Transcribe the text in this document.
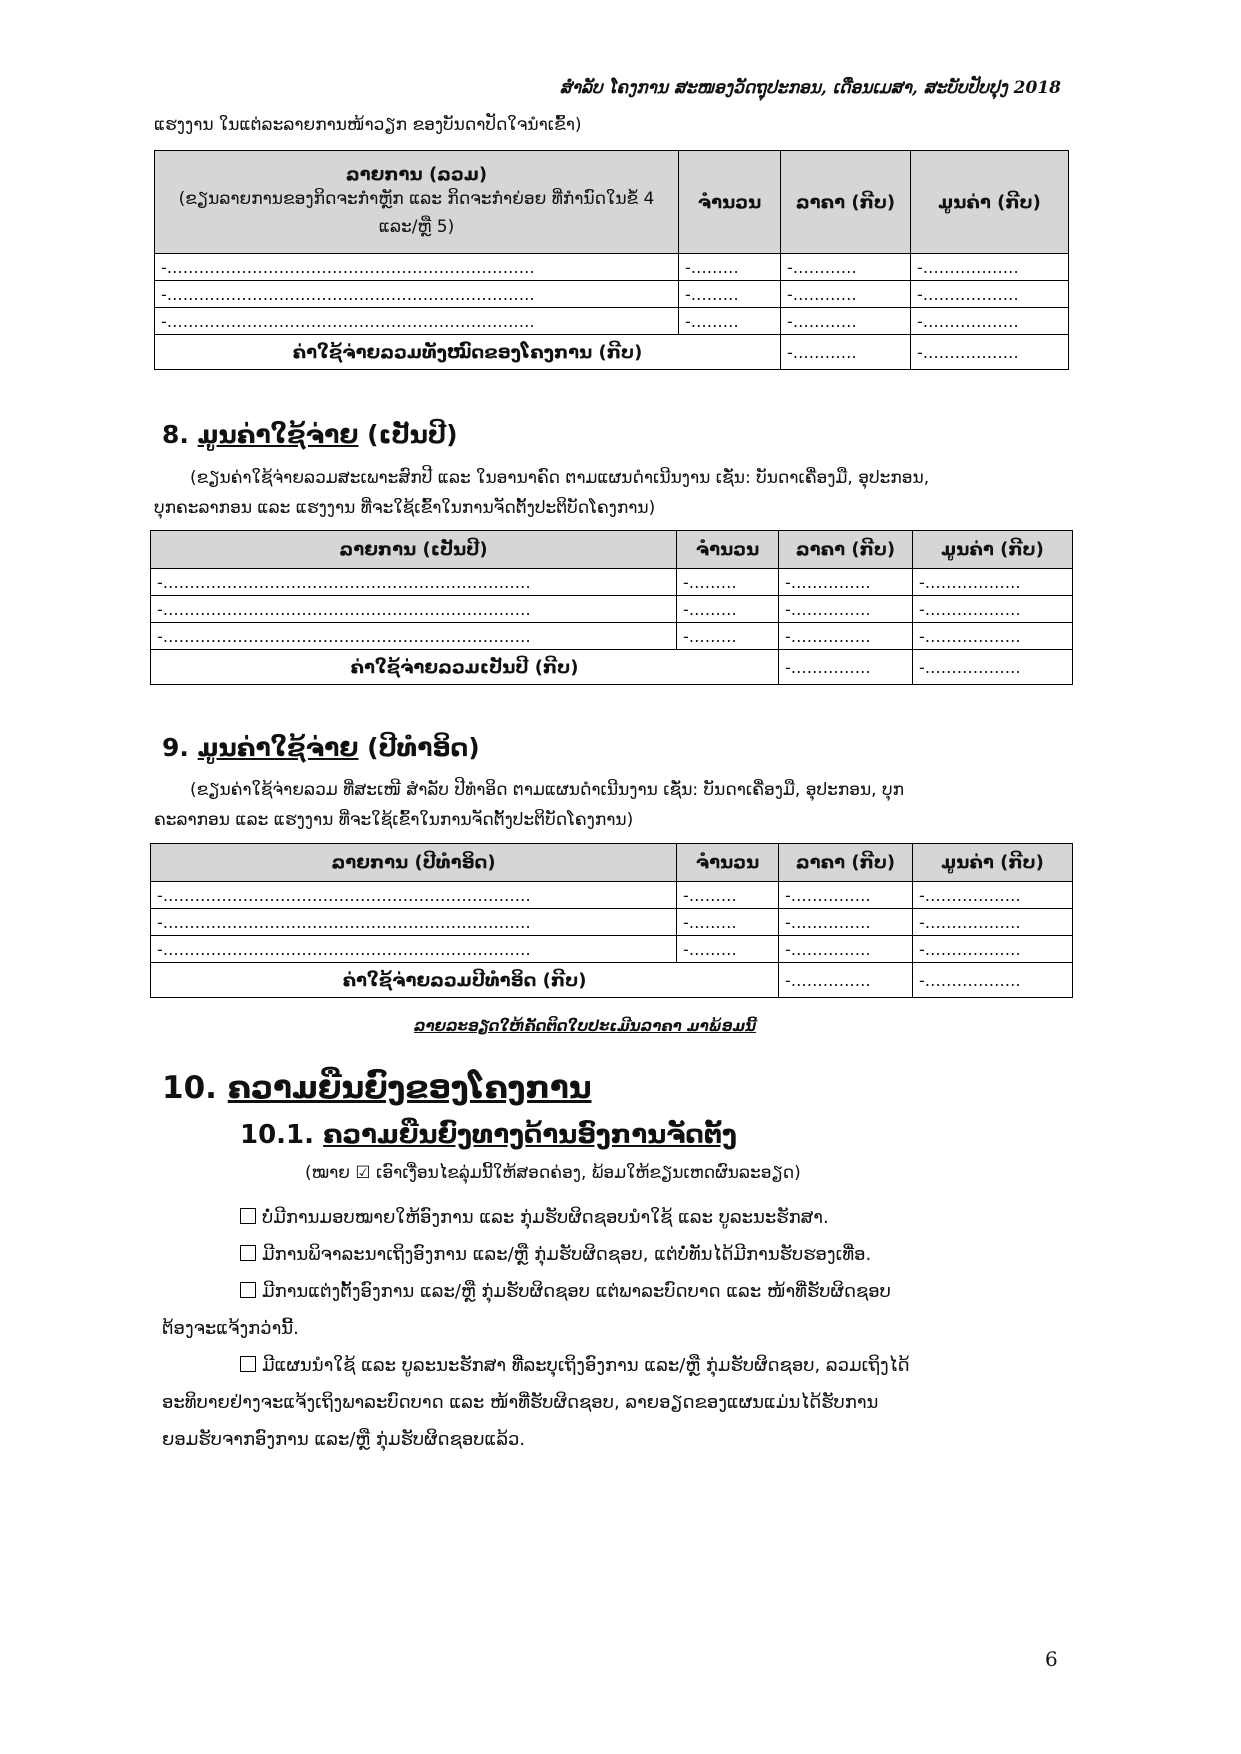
ສໍາລັບ ໂຄງການ ສະໜອງວັດຖຸປະກອນ, ເດືອນເມສາ, ສະບັບປັບປຸງ 2018
ແຮງງານ ໃນແຕ່ລະລາຍການໜ້າວຽກ ຂອງບັນດາປັດໃຈນໍາເຂົ້າ)
ລາຍການ (ລວມ)
(ຂຽນລາຍການຂອງກິດຈະກໍາຫຼັກ ແລະ ກິດຈະກໍາຍ່ອຍ ທີ່ກໍານົດໃນຂໍ້ 4 ແລະ/ຫຼື 5)	ຈໍານວນ	ລາຄາ (ກີບ)	ມູນຄ່າ (ກີບ)
-……………………………………………………………	-………	-…………	-………………
-……………………………………………………………	-………	-…………	-………………
-……………………………………………………………	-………	-…………	-………………
ຄ່າໃຊ້ຈ່າຍລວມທັງໝົດຂອງໂຄງການ (ກີບ)		-…………	-………………
8. ມູນຄ່າໃຊ້ຈ່າຍ (ເປັນປີ)
(ຂຽນຄ່າໃຊ້ຈ່າຍລວມສະເພາະສົກປີ ແລະ ໃນອານາຄົດ ຕາມແຜນດໍາເນີນງານ ເຊັ່ນ: ບັນດາເຄື່ອງມື, ອຸປະກອນ,
ບຸກຄະລາກອນ ແລະ ແຮງງານ ທີ່ຈະໃຊ້ເຂົ້າໃນການຈັດຕັ້ງປະຕິບັດໂຄງການ)
ລາຍການ (ເປັນປີ)	ຈໍານວນ	ລາຄາ (ກີບ)	ມູນຄ່າ (ກີບ)
-……………………………………………………………	-………	-……………	-………………
-……………………………………………………………	-………	-……………	-………………
-……………………………………………………………	-………	-……………	-………………
ຄ່າໃຊ້ຈ່າຍລວມເປັນປີ (ກີບ)		-……………	-………………
9. ມູນຄ່າໃຊ້ຈ່າຍ (ປີທໍາອິດ)
(ຂຽນຄ່າໃຊ້ຈ່າຍລວມ ທີ່ສະເໜີ ສໍາລັບ ປີທໍາອິດ ຕາມແຜນດໍາເນີນງານ ເຊັ່ນ: ບັນດາເຄື່ອງມື, ອຸປະກອນ, ບຸກ
ຄະລາກອນ ແລະ ແຮງງານ ທີ່ຈະໃຊ້ເຂົ້າໃນການຈັດຕັ້ງປະຕິບັດໂຄງການ)
ລາຍການ (ປີທໍາອິດ)	ຈໍານວນ	ລາຄາ (ກີບ)	ມູນຄ່າ (ກີບ)
-……………………………………………………………	-………	-……………	-………………
-……………………………………………………………	-………	-……………	-………………
-……………………………………………………………	-………	-……………	-………………
ຄ່າໃຊ້ຈ່າຍລວມປີທໍາອິດ (ກີບ)		-……………	-………………
ລາຍລະອຽດໃຫ້ຄັດຕິດໃບປະເມີນລາຄາ ມາພ້ອມນີ້
10. ຄວາມຍືນຍົງຂອງໂຄງການ
10.1. ຄວາມຍືນຍົງທາງດ້ານອົງການຈັດຕັ້ງ
(ໝາຍ ☑ ເອົາເງື່ອນໄຂລຸ່ມນີ້ໃຫ້ສອດຄ່ອງ, ພ້ອມໃຫ້ຂຽນເຫດຜົນລະອຽດ)
ບໍ່ມີການມອບໝາຍໃຫ້ອົງການ ແລະ ກຸ່ມຮັບຜິດຊອບນໍາໃຊ້ ແລະ ບູລະນະຮັກສາ.
ມີການພິຈາລະນາເຖິງອົງການ ແລະ/ຫຼື ກຸ່ມຮັບຜິດຊອບ, ແຕ່ບໍ່ທັນໄດ້ມີການຮັບຮອງເທື່ອ.
ມີການແຕ່ງຕັ້ງອົງການ ແລະ/ຫຼື ກຸ່ມຮັບຜິດຊອບ ແຕ່ພາລະບົດບາດ ແລະ ໜ້າທີ່ຮັບຜິດຊອບ
ຕ້ອງຈະແຈ້ງກວ່ານີ້.
ມີແຜນນໍາໃຊ້ ແລະ ບູລະນະຮັກສາ ທີ່ລະບຸເຖິງອົງການ ແລະ/ຫຼື ກຸ່ມຮັບຜິດຊອບ, ລວມເຖິງໄດ້
ອະທິບາຍຢ່າງຈະແຈ້ງເຖິງພາລະບົດບາດ ແລະ ໜ້າທີ່ຮັບຜິດຊອບ, ລາຍອຽດຂອງແຜນແມ່ນໄດ້ຮັບການ
ຍອມຮັບຈາກອົງການ ແລະ/ຫຼື ກຸ່ມຮັບຜິດຊອບແລ້ວ.
6
